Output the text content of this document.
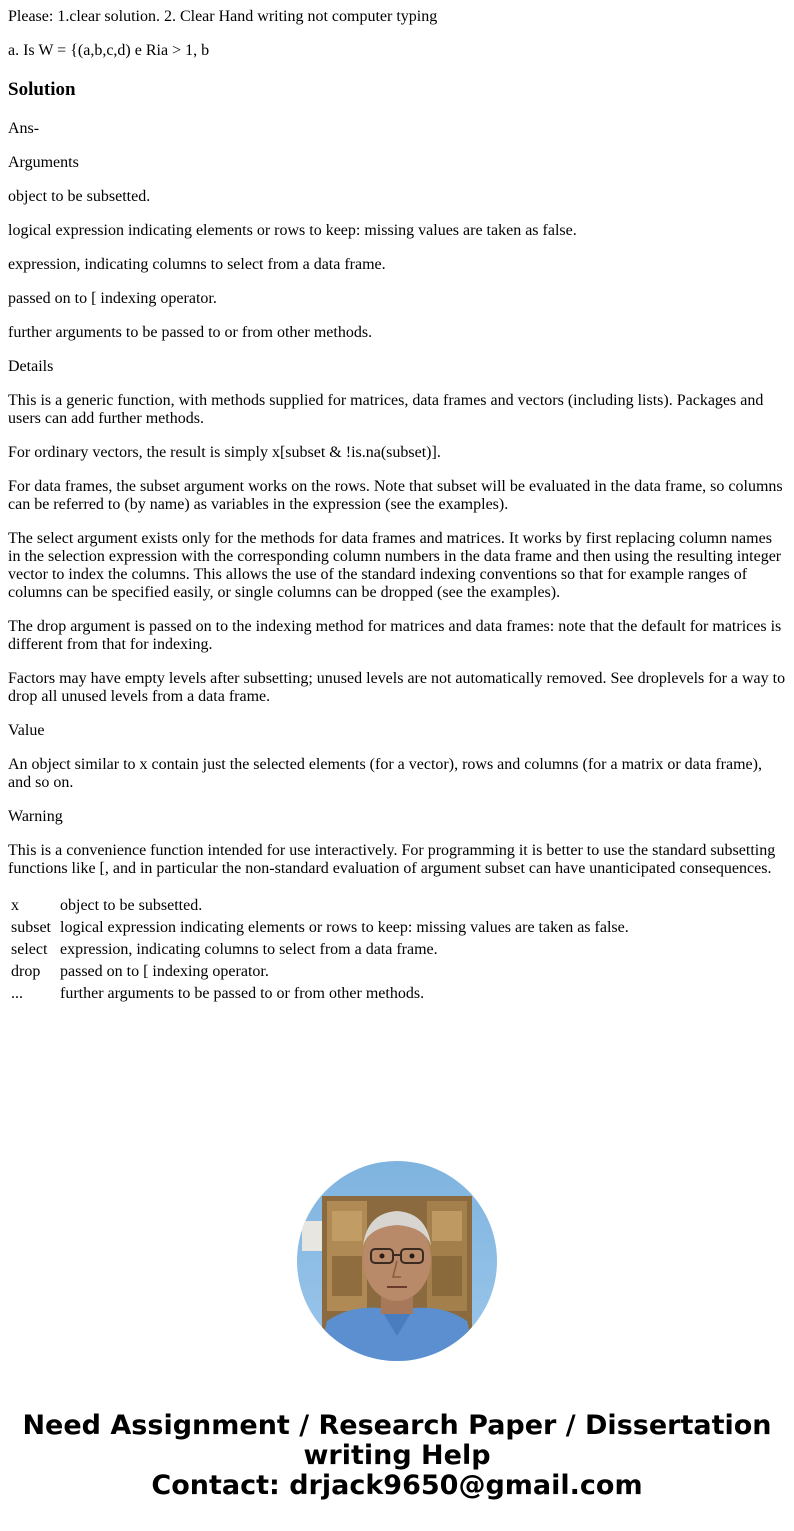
Please: 1.clear solution. 2. Clear Hand writing not computer typing

a. Is W = {(a,b,c,d) e Ria > 1, b

Solution

Ans-

Arguments

object to be subsetted.

logical expression indicating elements or rows to keep: missing values are taken as false.

expression, indicating columns to select from a data frame.

passed on to [ indexing operator.

further arguments to be passed to or from other methods.

Details

This is a generic function, with methods supplied for matrices, data frames and vectors (including lists). Packages and users can add further methods.

For ordinary vectors, the result is simply x[subset & !is.na(subset)].

For data frames, the subset argument works on the rows. Note that subset will be evaluated in the data frame, so columns can be referred to (by name) as variables in the expression (see the examples).

The select argument exists only for the methods for data frames and matrices. It works by first replacing column names in the selection expression with the corresponding column numbers in the data frame and then using the resulting integer vector to index the columns. This allows the use of the standard indexing conventions so that for example ranges of columns can be specified easily, or single columns can be dropped (see the examples).

The drop argument is passed on to the indexing method for matrices and data frames: note that the default for matrices is different from that for indexing.

Factors may have empty levels after subsetting; unused levels are not automatically removed. See droplevels for a way to drop all unused levels from a data frame.

Value

An object similar to x contain just the selected elements (for a vector), rows and columns (for a matrix or data frame), and so on.

Warning

This is a convenience function intended for use interactively. For programming it is better to use the standard subsetting functions like [, and in particular the non-standard evaluation of argument subset can have unanticipated consequences.

x	object to be subsetted.
subset	logical expression indicating elements or rows to keep: missing values are taken as false.
select	expression, indicating columns to select from a data frame.
drop	passed on to [ indexing operator.
...	further arguments to be passed to or from other methods.
Need Assignment / Research Paper / Dissertation
writing Help
Contact: drjack9650@gmail.com
